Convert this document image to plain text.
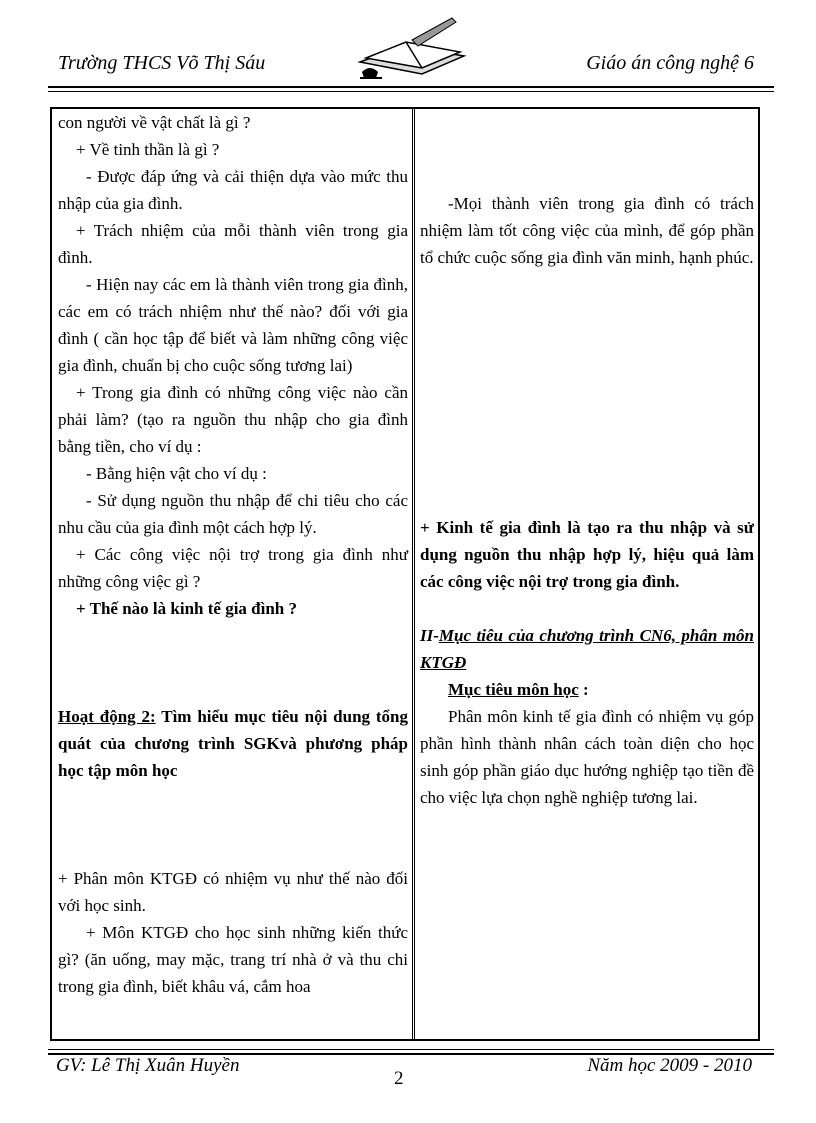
Trường THCS Võ Thị Sáu	Giáo án công nghệ 6

con người về vật chất là gì ?

+ Về tinh thần là gì ?

- Được đáp ứng và cải thiện dựa vào mức thu nhập của gia đình.

+ Trách nhiệm của mỗi thành viên trong gia đình.

- Hiện nay các em là thành viên trong gia đình, các em có trách nhiệm như thế nào? đối với gia đình ( cần học tập để biết và làm những công việc gia đình, chuẩn bị cho cuộc sống tương lai)

+ Trong gia đình có những công việc nào cần phải làm? (tạo ra nguồn thu nhập cho gia đình bằng tiền, cho ví dụ :

- Bằng hiện vật cho ví dụ :

- Sử dụng nguồn thu nhập để chi tiêu cho các nhu cầu của gia đình một cách hợp lý.

+ Các công việc nội trợ trong gia đình như những công việc gì ?

+ Thế nào là kinh tế gia đình ?

Hoạt động 2: Tìm hiểu mục tiêu nội dung tổng quát của chương trình SGKvà phương pháp học tập môn học

+ Phân môn KTGĐ có nhiệm vụ như thế nào đối với học sinh.

+ Môn KTGĐ cho học sinh những kiến thức gì? (ăn uống, may mặc, trang trí nhà ở và thu chi trong gia đình, biết khâu vá, cắm hoa

-Mọi thành viên trong gia đình có trách nhiệm làm tốt công việc của mình, để góp phần tổ chức cuộc sống gia đình văn minh, hạnh phúc.

+ Kinh tế gia đình là tạo ra thu nhập và sử dụng nguồn thu nhập hợp lý, hiệu quả làm các công việc nội trợ trong gia đình.

II-Mục tiêu của chương trình CN6, phân môn KTGĐ

Mục tiêu môn học :

Phân môn kinh tế gia đình có nhiệm vụ góp phần hình thành nhân cách toàn diện cho học sinh góp phần giáo dục hướng nghiệp tạo tiền đề cho việc lựa chọn nghề nghiệp tương lai.

GV: Lê Thị Xuân Huyền
2
Năm học 2009 - 2010
